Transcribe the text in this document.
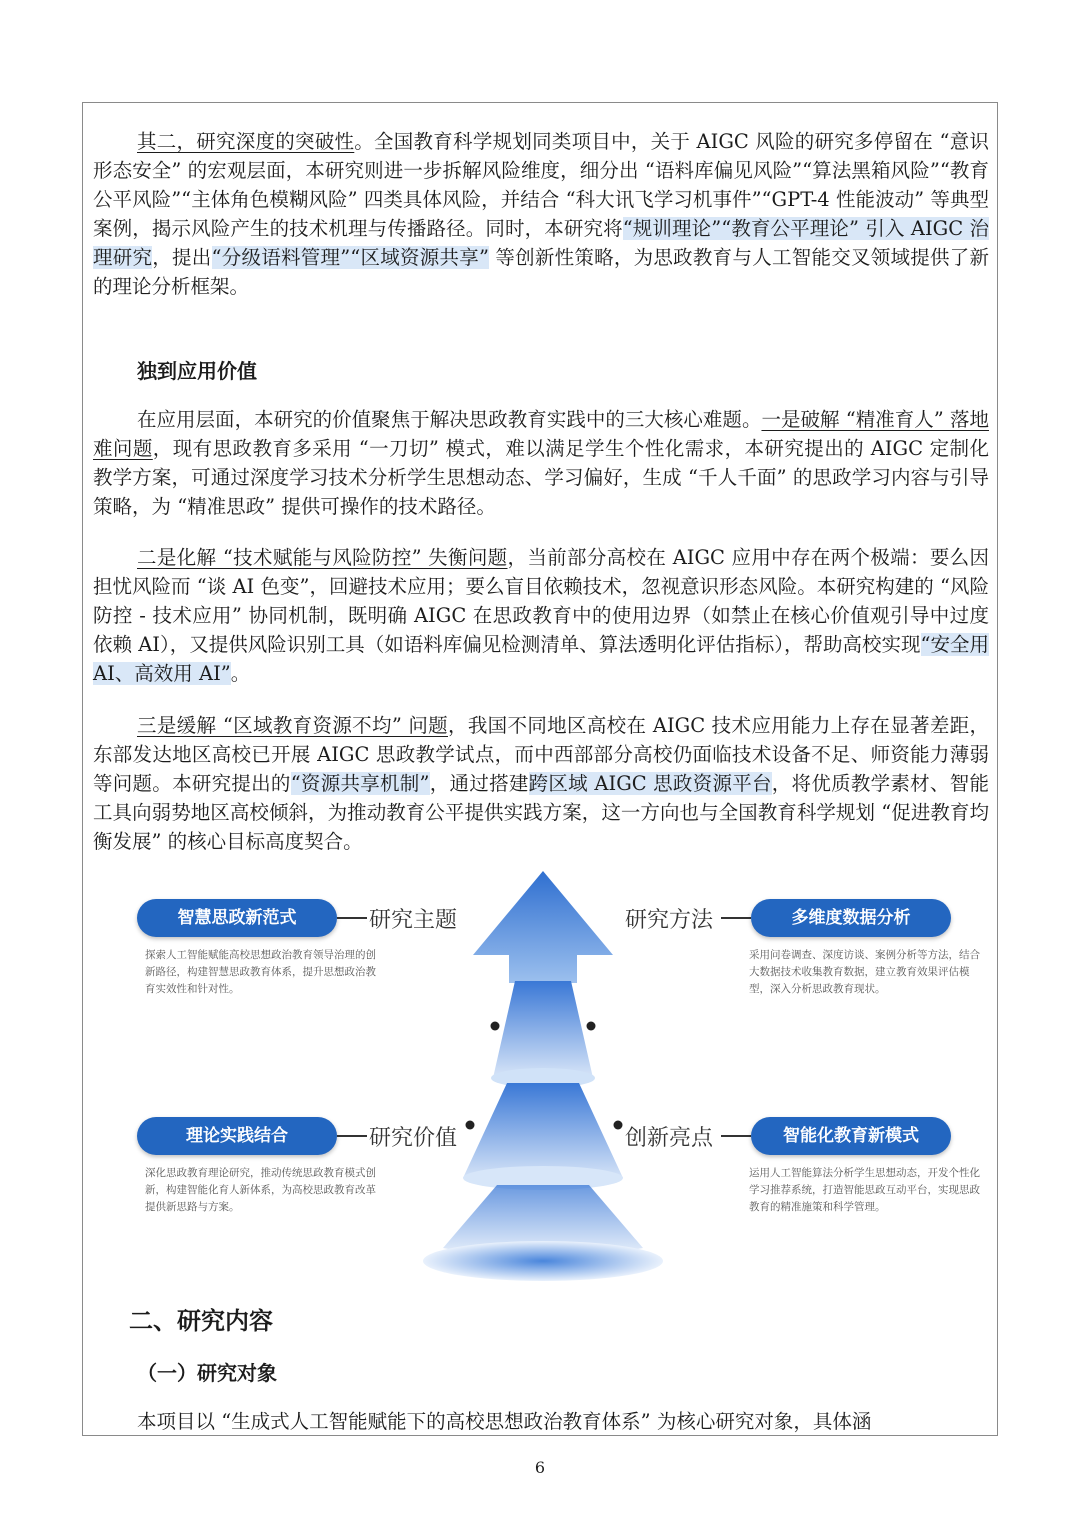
其二，研究深度的突破性。全国教育科学规划同类项目中，关于 AIGC 风险的研究多停留在 “意识形态安全” 的宏观层面，本研究则进一步拆解风险维度，细分出 “语料库偏见风险”“算法黑箱风险”“教育公平风险”“主体角色模糊风险” 四类具体风险，并结合 “科大讯飞学习机事件”“GPT-4 性能波动” 等典型案例，揭示风险产生的技术机理与传播路径。同时，本研究将“规训理论”“教育公平理论” 引入 AIGC 治理研究，提出“分级语料管理”“区域资源共享” 等创新性策略，为思政教育与人工智能交叉领域提供了新的理论分析框架。

独到应用价值

在应用层面，本研究的价值聚焦于解决思政教育实践中的三大核心难题。一是破解 “精准育人” 落地难问题，现有思政教育多采用 “一刀切” 模式，难以满足学生个性化需求，本研究提出的 AIGC 定制化教学方案，可通过深度学习技术分析学生思想动态、学习偏好，生成 “千人千面” 的思政学习内容与引导策略，为 “精准思政” 提供可操作的技术路径。

二是化解 “技术赋能与风险防控” 失衡问题，当前部分高校在 AIGC 应用中存在两个极端：要么因担忧风险而 “谈 AI 色变”，回避技术应用；要么盲目依赖技术，忽视意识形态风险。本研究构建的 “风险防控 - 技术应用” 协同机制，既明确 AIGC 在思政教育中的使用边界（如禁止在核心价值观引导中过度依赖 AI），又提供风险识别工具（如语料库偏见检测清单、算法透明化评估指标），帮助高校实现“安全用 AI、高效用 AI”。

三是缓解 “区域教育资源不均” 问题，我国不同地区高校在 AIGC 技术应用能力上存在显著差距，东部发达地区高校已开展 AIGC 思政教学试点，而中西部部分高校仍面临技术设备不足、师资能力薄弱等问题。本研究提出的“资源共享机制”，通过搭建跨区域 AIGC 思政资源平台，将优质教学素材、智能工具向弱势地区高校倾斜，为推动教育公平提供实践方案，这一方向也与全国教育科学规划 “促进教育均衡发展” 的核心目标高度契合。

智慧思政新范式	研究主题
探索人工智能赋能高校思想政治教育领导治理的创新路径，构建智慧思政教育体系，提升思想政治教育实效性和针对性。
研究方法	多维度数据分析
采用问卷调查、深度访谈、案例分析等方法，结合大数据技术收集教育数据，建立教育效果评估模型，深入分析思政教育现状。
理论实践结合	研究价值
深化思政教育理论研究，推动传统思政教育模式创新，构建智能化育人新体系，为高校思政教育改革提供新思路与方案。
创新亮点	智能化教育新模式
运用人工智能算法分析学生思想动态，开发个性化学习推荐系统，打造智能思政互动平台，实现思政教育的精准施策和科学管理。
二、研究内容
（一）研究对象

本项目以 “生成式人工智能赋能下的高校思想政治教育体系” 为核心研究对象，具体涵

6
